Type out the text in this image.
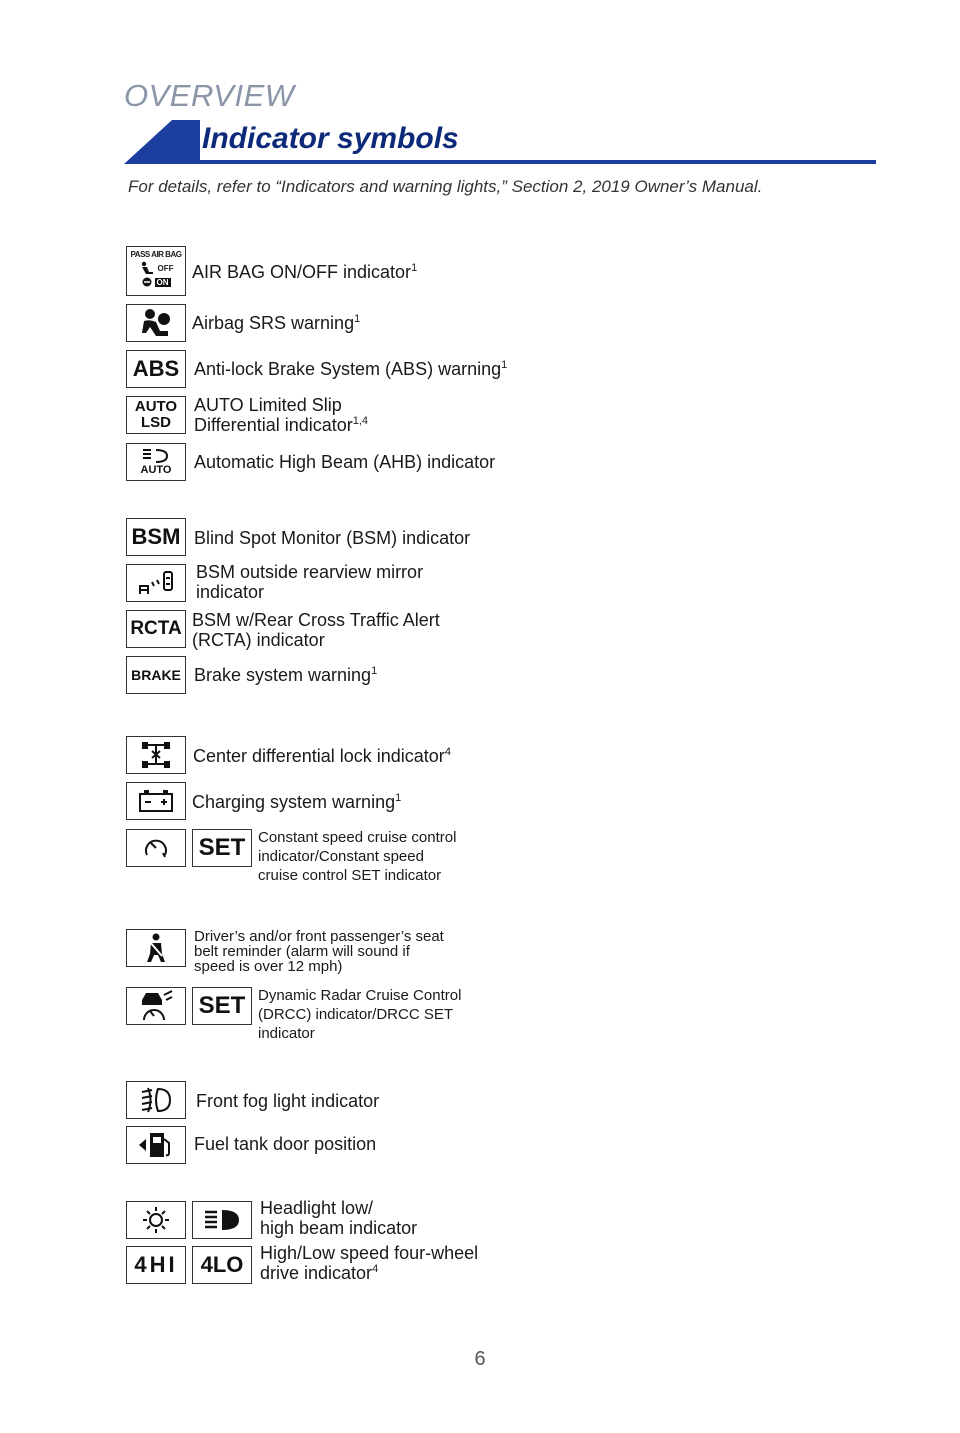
OVERVIEW
Indicator symbols
For details, refer to “Indicators and warning lights,” Section 2, 2019 Owner’s Manual.
PASS AIR BAG
OFF
ON AIR BAG ON/OFF indicator$^1$
Airbag SRS warning$^1$
ABS Anti-lock Brake System (ABS) warning$^1$
AUTO
LSD
AUTO Limited Slip
Differential indicator$^{1,4}$
AUTO Automatic High Beam (AHB) indicator
BSM Blind Spot Monitor (BSM) indicator
BSM outside rearview mirror
indicator
RCTA BSM w/Rear Cross Traffic Alert
(RCTA) indicator
BRAKE Brake system warning$^1$
Center differential lock indicator$^4$
Charging system warning$^1$
SET Constant speed cruise control
indicator/Constant speed
cruise control SET indicator
Driver’s and/or front passenger’s seat
belt reminder (alarm will sound if
speed is over 12 mph)
SET Dynamic Radar Cruise Control
(DRCC) indicator/DRCC SET
indicator
Front fog light indicator
Fuel tank door position
Headlight low/
high beam indicator
4HI 4LO High/Low speed four-wheel
drive indicator$^4$
6
